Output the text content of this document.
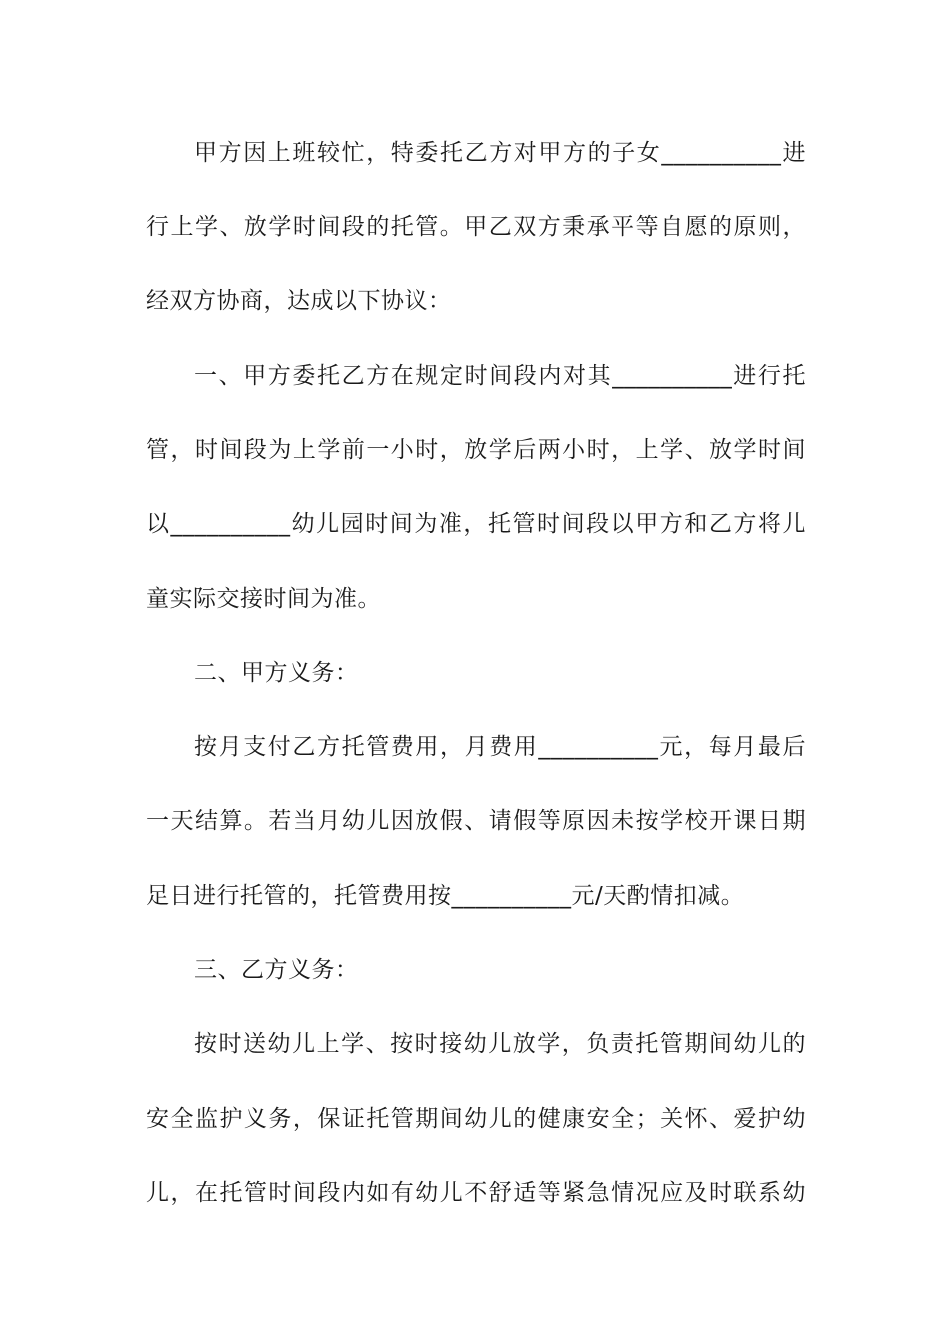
甲方因上班较忙，特委托乙方对甲方的子女__________进
行上学、放学时间段的托管。甲乙双方秉承平等自愿的原则，
经双方协商，达成以下协议：
一、甲方委托乙方在规定时间段内对其__________进行托
管，时间段为上学前一小时，放学后两小时，上学、放学时间
以__________幼儿园时间为准，托管时间段以甲方和乙方将儿
童实际交接时间为准。
二、甲方义务：
按月支付乙方托管费用，月费用__________元，每月最后
一天结算。若当月幼儿因放假、请假等原因未按学校开课日期
足日进行托管的，托管费用按__________元/天酌情扣减。
三、乙方义务：
按时送幼儿上学、按时接幼儿放学，负责托管期间幼儿的
安全监护义务，保证托管期间幼儿的健康安全；关怀、爱护幼
儿，在托管时间段内如有幼儿不舒适等紧急情况应及时联系幼
